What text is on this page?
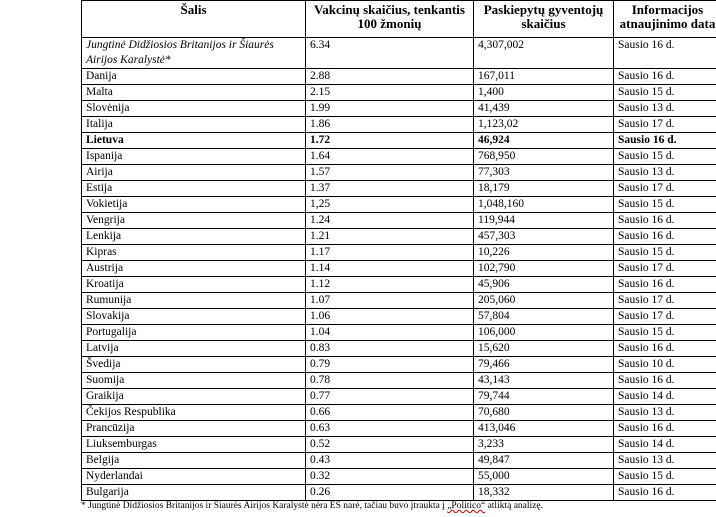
Šalis	Vakcinų skaičius, tenkantis 100 žmonių	Paskiepytų gyventojų skaičius	Informacijos atnaujinimo data
Jungtinė Didžiosios Britanijos ir Šiaurės Airijos Karalystė*	6.34	4,307,002	Sausio 16 d.
Danija	2.88	167,011	Sausio 16 d.
Malta	2.15	1,400	Sausio 15 d.
Slovėnija	1.99	41,439	Sausio 13 d.
Italija	1.86	1,123,02	Sausio 17 d.
Lietuva	1.72	46,924	Sausio 16 d.
Ispanija	1.64	768,950	Sausio 15 d.
Airija	1.57	77,303	Sausio 13 d.
Estija	1.37	18,179	Sausio 17 d.
Vokietija	1,25	1,048,160	Sausio 15 d.
Vengrija	1.24	119,944	Sausio 16 d.
Lenkija	1.21	457,303	Sausio 16 d.
Kipras	1.17	10,226	Sausio 15 d.
Austrija	1.14	102,790	Sausio 17 d.
Kroatija	1.12	45,906	Sausio 16 d.
Rumunija	1.07	205,060	Sausio 17 d.
Slovakija	1.06	57,804	Sausio 17 d.
Portugalija	1.04	106,000	Sausio 15 d.
Latvija	0.83	15,620	Sausio 16 d.
Švedija	0.79	79,466	Sausio 10 d.
Suomija	0.78	43,143	Sausio 16 d.
Graikija	0.77	79,744	Sausio 14 d.
Čekijos Respublika	0.66	70,680	Sausio 13 d.
Prancūzija	0.63	413,046	Sausio 16 d.
Liuksemburgas	0.52	3,233	Sausio 14 d.
Belgija	0.43	49,847	Sausio 13 d.
Nyderlandai	0.32	55,000	Sausio 15 d.
Bulgarija	0.26	18,332	Sausio 16 d.
* Jungtinė Didžiosios Britanijos ir Šiaurės Airijos Karalystė nėra ES narė, tačiau buvo įtraukta į „Politico“ atliktą analizę.
